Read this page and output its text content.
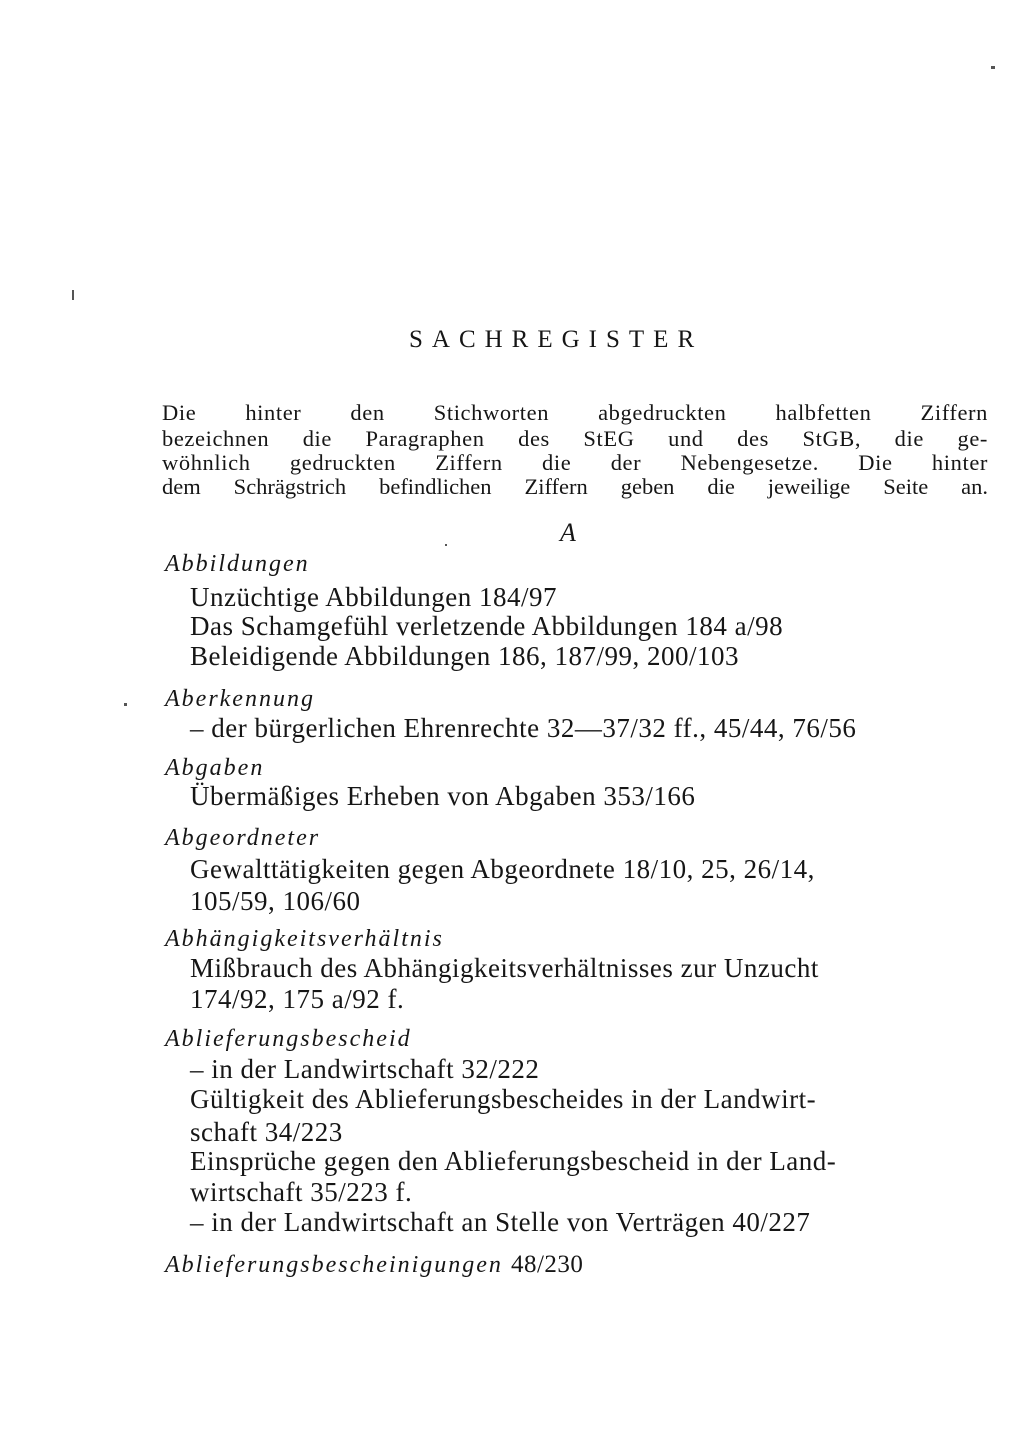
SACHREGISTER
Die hinter den Stichworten abgedruckten halbfetten Ziffern
bezeichnen die Paragraphen des StEG und des StGB, die ge-
wöhnlich gedruckten Ziffern die der Nebengesetze. Die hinter
dem Schrägstrich befindlichen Ziffern geben die jeweilige Seite an.
A
Abbildungen
Unzüchtige Abbildungen 184/97
Das Schamgefühl verletzende Abbildungen 184 a/98
Beleidigende Abbildungen 186, 187/99, 200/103
Aberkennung
– der bürgerlichen Ehrenrechte 32—37/32 ff., 45/44, 76/56
Abgaben
Übermäßiges Erheben von Abgaben 353/166
Abgeordneter
Gewalttätigkeiten gegen Abgeordnete 18/10, 25, 26/14,
105/59, 106/60
Abhängigkeitsverhältnis
Mißbrauch des Abhängigkeitsverhältnisses zur Unzucht
174/92, 175 a/92 f.
Ablieferungsbescheid
– in der Landwirtschaft 32/222
Gültigkeit des Ablieferungsbescheides in der Landwirt-
schaft 34/223
Einsprüche gegen den Ablieferungsbescheid in der Land-
wirtschaft 35/223 f.
– in der Landwirtschaft an Stelle von Verträgen 40/227
Ablieferungsbescheinigungen 48/230
